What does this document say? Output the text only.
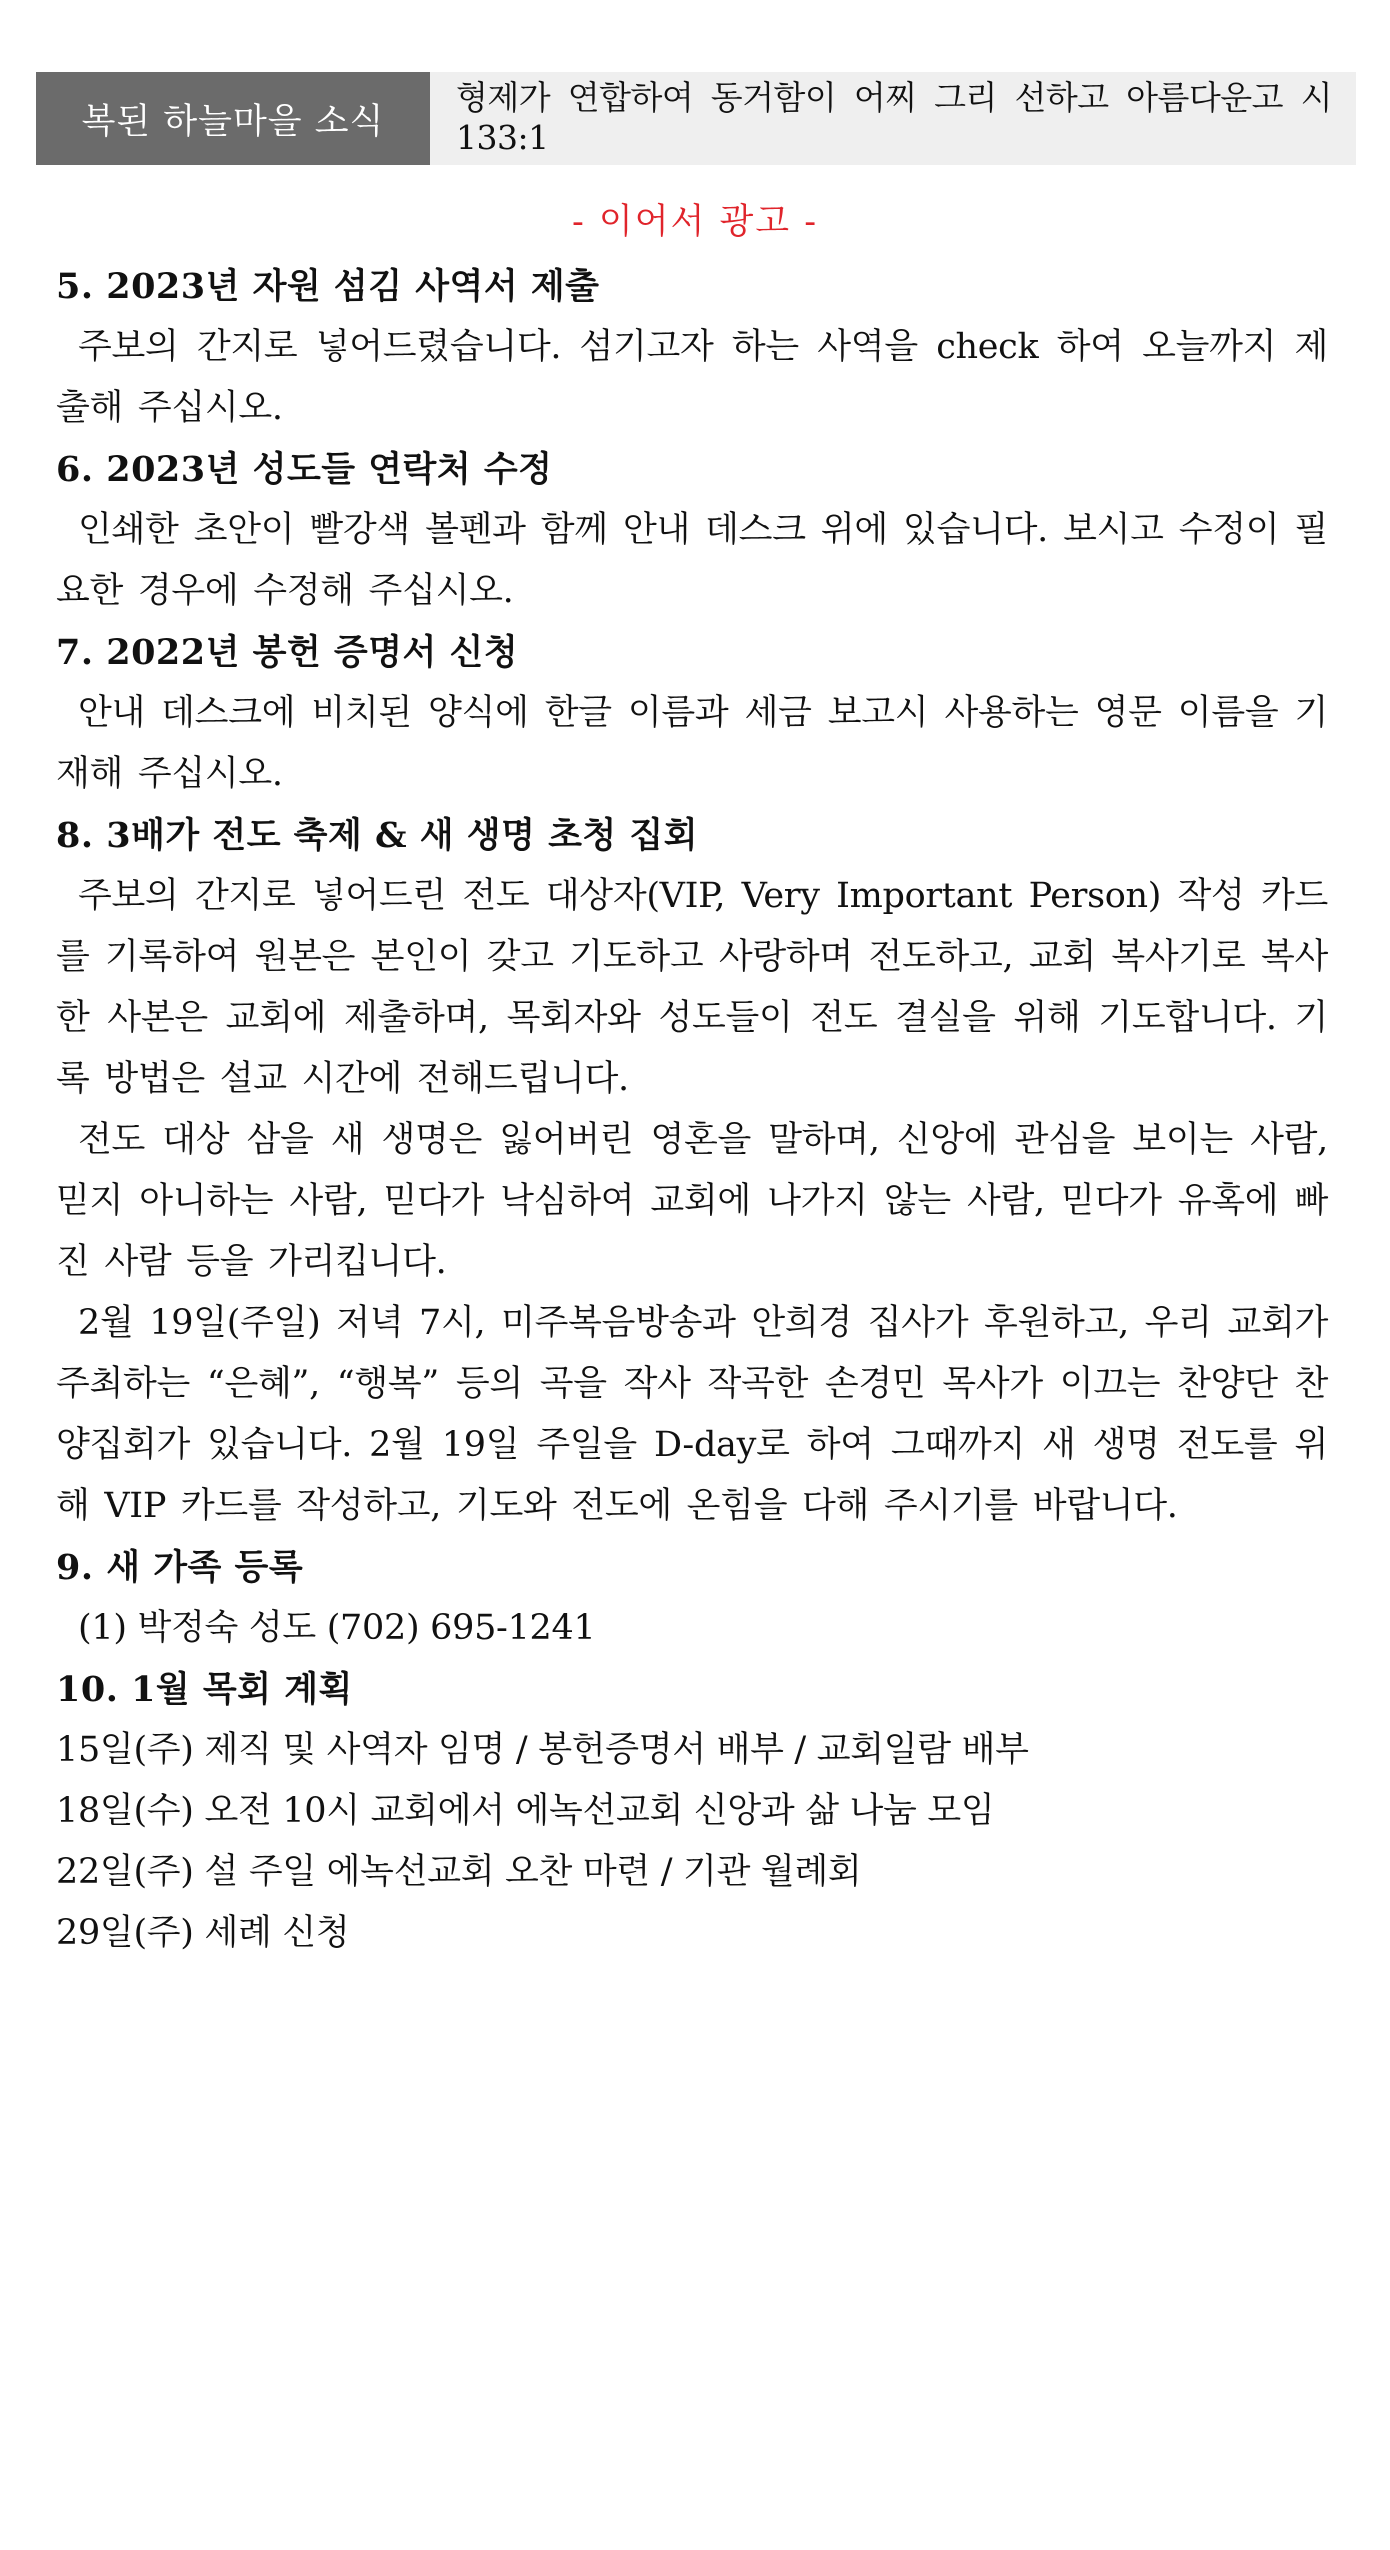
복된 하늘마을 소식
형제가 연합하여 동거함이 어찌 그리 선하고 아름다운고 시 133:1
- 이어서 광고 -

5. 2023년 자원 섬김 사역서 제출

주보의 간지로 넣어드렸습니다. 섬기고자 하는 사역을 check 하여 오늘까지 제출해 주십시오.

6. 2023년 성도들 연락처 수정

인쇄한 초안이 빨강색 볼펜과 함께 안내 데스크 위에 있습니다. 보시고 수정이 필요한 경우에 수정해 주십시오.

7. 2022년 봉헌 증명서 신청

안내 데스크에 비치된 양식에 한글 이름과 세금 보고시 사용하는 영문 이름을 기재해 주십시오.

8. 3배가 전도 축제 & 새 생명 초청 집회

주보의 간지로 넣어드린 전도 대상자(VIP, Very Important Person) 작성 카드를 기록하여 원본은 본인이 갖고 기도하고 사랑하며 전도하고, 교회 복사기로 복사한 사본은 교회에 제출하며, 목회자와 성도들이 전도 결실을 위해 기도합니다. 기록 방법은 설교 시간에 전해드립니다.

전도 대상 삼을 새 생명은 잃어버린 영혼을 말하며, 신앙에 관심을 보이는 사람, 믿지 아니하는 사람, 믿다가 낙심하여 교회에 나가지 않는 사람, 믿다가 유혹에 빠진 사람 등을 가리킵니다.

2월 19일(주일) 저녁 7시, 미주복음방송과 안희경 집사가 후원하고, 우리 교회가 주최하는 “은혜”, “행복” 등의 곡을 작사 작곡한 손경민 목사가 이끄는 찬양단 찬양집회가 있습니다. 2월 19일 주일을 D-day로 하여 그때까지 새 생명 전도를 위해 VIP 카드를 작성하고, 기도와 전도에 온힘을 다해 주시기를 바랍니다.

9. 새 가족 등록

(1) 박정숙 성도 (702) 695-1241

10. 1월 목회 계획

15일(주) 제직 및 사역자 임명 / 봉헌증명서 배부 / 교회일람 배부

18일(수) 오전 10시 교회에서 에녹선교회 신앙과 삶 나눔 모임

22일(주) 설 주일 에녹선교회 오찬 마련 / 기관 월례회

29일(주) 세례 신청
